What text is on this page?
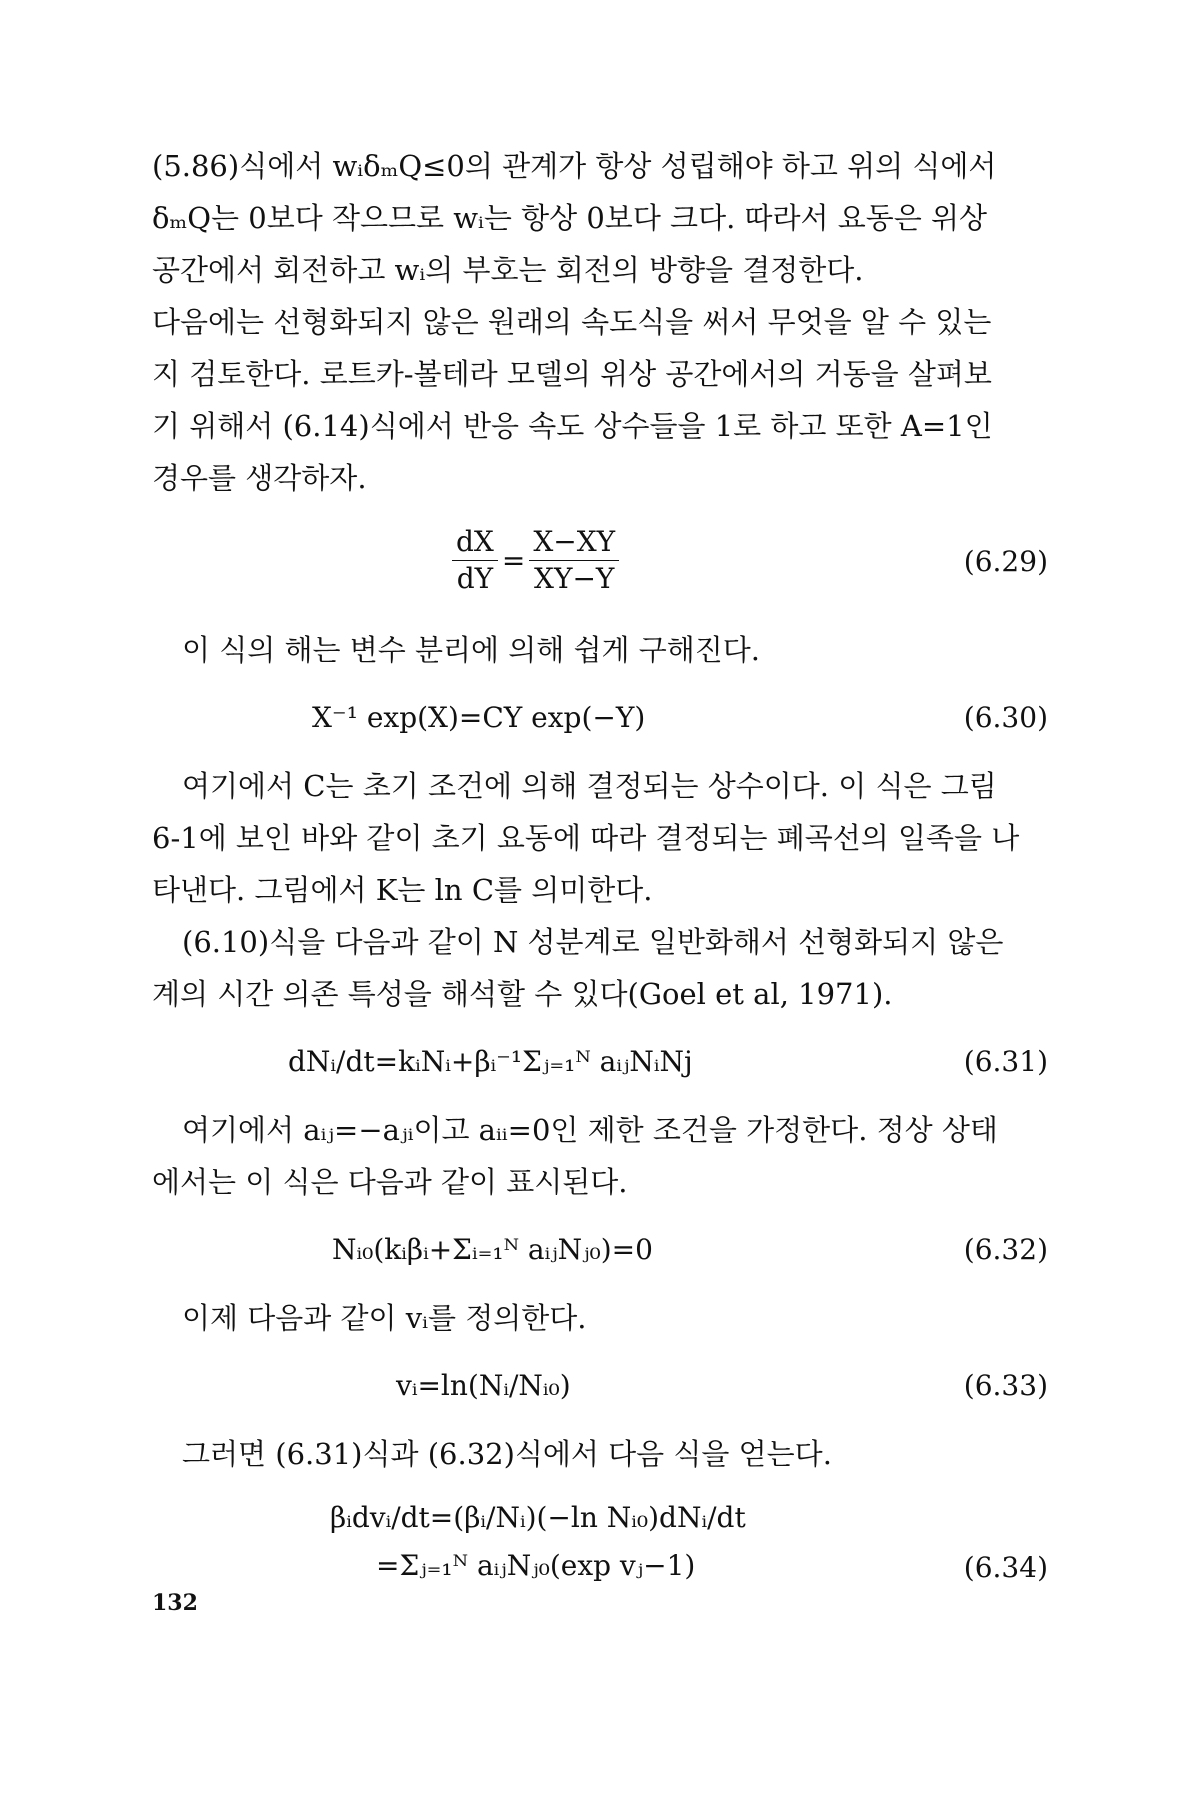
(5.86)식에서 wᵢδₘQ≤0의 관계가 항상 성립해야 하고 위의 식에서
δₘQ는 0보다 작으므로 wᵢ는 항상 0보다 크다. 따라서 요동은 위상
공간에서 회전하고 wᵢ의 부호는 회전의 방향을 결정한다.

다음에는 선형화되지 않은 원래의 속도식을 써서 무엇을 알 수 있는
지 검토한다. 로트카-볼테라 모델의 위상 공간에서의 거동을 살펴보
기 위해서 (6.14)식에서 반응 속도 상수들을 1로 하고 또한 A=1인
경우를 생각하자.

$\frac{dX}{dY} = \frac{X-XY}{XY-Y}$	(6.29)

이 식의 해는 변수 분리에 의해 쉽게 구해진다.

X⁻¹ exp(X)=CY exp(−Y)	(6.30)

여기에서 C는 초기 조건에 의해 결정되는 상수이다. 이 식은 그림
6-1에 보인 바와 같이 초기 요동에 따라 결정되는 폐곡선의 일족을 나
타낸다. 그림에서 K는 ln C를 의미한다.

(6.10)식을 다음과 같이 N 성분계로 일반화해서 선형화되지 않은
계의 시간 의존 특성을 해석할 수 있다(Goel et al, 1971).

dNᵢ/dt=kᵢNᵢ+βᵢ⁻¹Σⱼ₌₁ᴺ aᵢⱼNᵢNj	(6.31)

여기에서 aᵢⱼ=−aⱼᵢ이고 aᵢᵢ=0인 제한 조건을 가정한다. 정상 상태
에서는 이 식은 다음과 같이 표시된다.

Nᵢ₀(kᵢβᵢ+Σᵢ₌₁ᴺ aᵢⱼNⱼ₀)=0	(6.32)

이제 다음과 같이 vᵢ를 정의한다.

vᵢ=ln(Nᵢ/Nᵢ₀)	(6.33)

그러면 (6.31)식과 (6.32)식에서 다음 식을 얻는다.

βᵢdvᵢ/dt=(βᵢ/Nᵢ)(−ln Nᵢ₀)dNᵢ/dt
=Σⱼ₌₁ᴺ aᵢⱼNⱼ₀(exp vⱼ−1)	(6.34)
132
